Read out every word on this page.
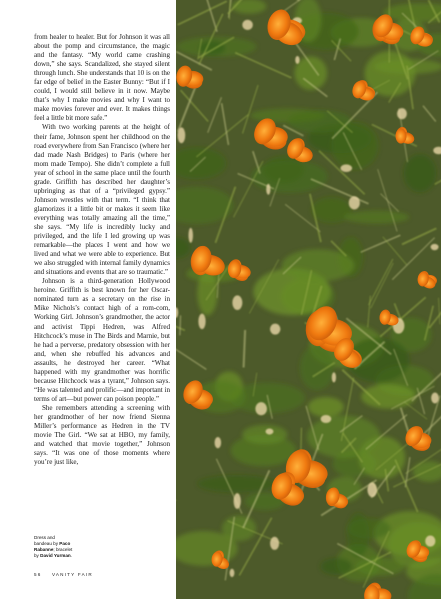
from healer to healer. But for Johnson it was all about the pomp and circumstance, the magic and the fantasy. “My world came crashing down,” she says. Scandalized, she stayed silent through lunch. She understands that 10 is on the far edge of belief in the Easter Bunny: “But if I could, I would still believe in it now. Maybe that’s why I make movies and why I want to make movies forever and ever. It makes things feel a little bit more safe.”

With two working parents at the height of their fame, Johnson spent her childhood on the road everywhere from San Francisco (where her dad made Nash Bridges) to Paris (where her mom made Tempo). She didn’t complete a full year of school in the same place until the fourth grade. Griffith has described her daughter’s upbringing as that of a “privileged gypsy.” Johnson wrestles with that term. “I think that glamorizes it a little bit or makes it seem like everything was totally amazing all the time,” she says. “My life is incredibly lucky and privileged, and the life I led growing up was remarkable—the places I went and how we lived and what we were able to experience. But we also struggled with internal family dynamics and situations and events that are so traumatic.”

Johnson is a third-generation Hollywood heroine. Griffith is best known for her Oscar-nominated turn as a secretary on the rise in Mike Nichols’s contact high of a rom-com, Working Girl. Johnson’s grandmother, the actor and activist Tippi Hedren, was Alfred Hitchcock’s muse in The Birds and Marnie, but he had a perverse, predatory obsession with her and, when she rebuffed his advances and assaults, he destroyed her career. “What happened with my grandmother was horrific because Hitchcock was a tyrant,” Johnson says. “He was talented and prolific—and important in terms of art—but power can poison people.”

She remembers attending a screening with her grandmother of her now friend Sienna Miller’s performance as Hedren in the TV movie The Girl. “We sat at HBO, my family, and watched that movie together,” Johnson says. “It was one of those moments where you’re just like,

Dress and
bandeau by Paco
Rabanne; bracelet
by David Yurman.
56 VANITY FAIR
